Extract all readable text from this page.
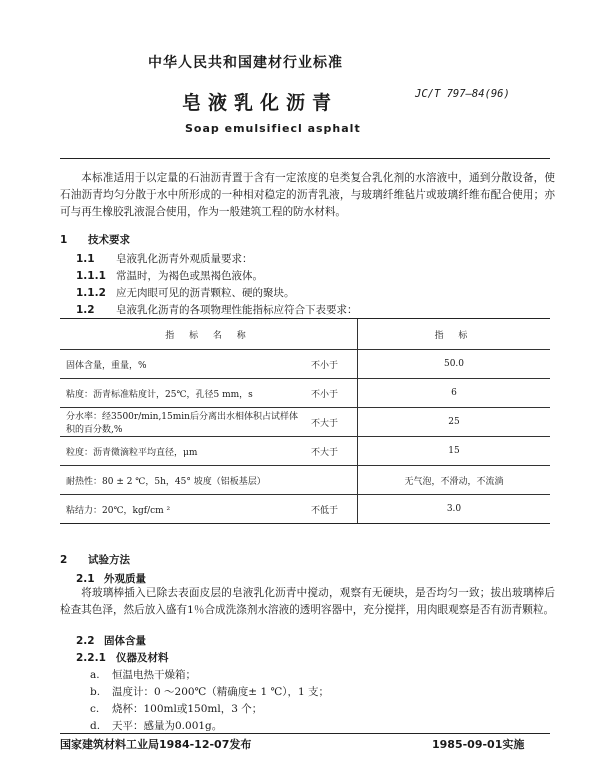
中华人民共和国建材行业标准
皂液乳化沥青	JC/T 797—84(96)
Soap emulsifiecl asphalt
本标准适用于以定量的石油沥青置于含有一定浓度的皂类复合乳化剂的水溶液中，通到分散设备，使石油沥青均匀分散于水中所形成的一种相对稳定的沥青乳液，与玻璃纤维毡片或玻璃纤维布配合使用；亦可与再生橡胶乳液混合使用，作为一般建筑工程的防水材料。
1 技术要求
1.1 皂液乳化沥青外观质量要求：
1.1.1 常温时，为褐色或黑褐色液体。
1.1.2 应无肉眼可见的沥青颗粒、硬的聚块。
1.2 皂液乳化沥青的各项物理性能指标应符合下表要求：
指 标 名 称		指 标
固体含量，重量，%	不小于	50.0
粘度：沥青标准粘度计，25℃，孔径5 mm，s	不小于	6
分水率：经3500r/min,15min后分离出水相体积占试样体积的百分数,%	不大于	25
粒度：沥青微滴粒平均直径，μm	不大于	15
耐热性：80 ± 2 ℃，5h，45° 坡度（铝板基层）		无气泡，不滑动，不流淌
粘结力：20℃，kgf/cm ²	不低于	3.0
2 试验方法
2.1 外观质量
将玻璃棒插入已除去表面皮层的皂液乳化沥青中搅动，观察有无硬块，是否均匀一致；拔出玻璃棒后检查其色泽，然后放入盛有1％合成洗涤剂水溶液的透明容器中，充分搅拌，用肉眼观察是否有沥青颗粒。
2.2 固体含量
2.2.1 仪器及材料
a. 恒温电热干燥箱；
b. 温度计：0 ～200℃（精确度± 1 ℃），1 支；
c. 烧杯：100ml或150ml，3 个；
d. 天平：感量为0.001g。
国家建筑材料工业局1984-12-07发布	1985-09-01实施
